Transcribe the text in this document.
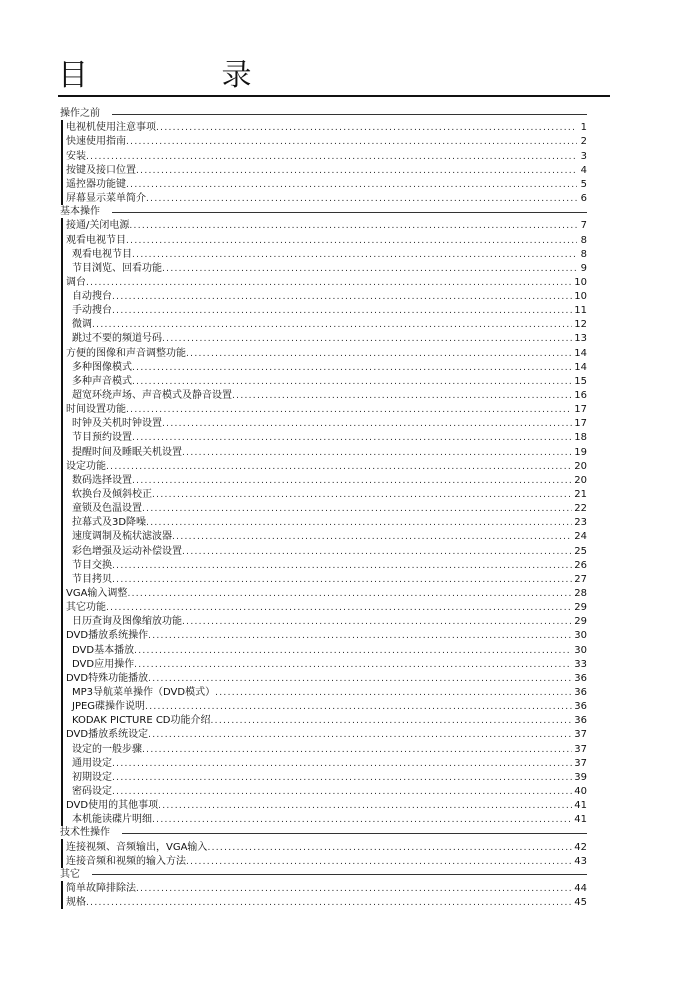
目 录
操作之前
电视机使用注意事项 .....	1
快速使用指南 .....	2
安装 .....	3
按键及接口位置 .....	4
遥控器功能键 .....	5
屏幕显示菜单简介 .....	6
基本操作
接通/关闭电源 .....	7
观看电视节目 .....	8
观看电视节目 .....	8
节目浏览、回看功能 .....	9
调台 .....	10
自动搜台 .....	10
手动搜台 .....	11
微调 .....	12
跳过不要的频道号码 .....	13
方便的图像和声音调整功能 .....	14
多种图像模式 .....	14
多种声音模式 .....	15
超宽环绕声场、声音模式及静音设置 .....	16
时间设置功能 .....	17
时钟及关机时钟设置 .....	17
节目预约设置 .....	18
提醒时间及睡眠关机设置 .....	19
设定功能 .....	20
数码选择设置 .....	20
软换台及倾斜校正 .....	21
童锁及色温设置 .....	22
拉幕式及3D降噪 .....	23
速度调制及梳状滤波器 .....	24
彩色增强及运动补偿设置 .....	25
节目交换 .....	26
节目拷贝 .....	27
VGA输入调整 .....	28
其它功能 .....	29
日历查询及图像缩放功能 .....	29
DVD播放系统操作 .....	30
DVD基本播放 .....	30
DVD应用操作 .....	33
DVD特殊功能播放 .....	36
MP3导航菜单操作（DVD模式） .....	36
JPEG碟操作说明 .....	36
KODAK PICTURE CD功能介绍 .....	36
DVD播放系统设定 .....	37
设定的一般步骤 .....	37
通用设定 .....	37
初期设定 .....	39
密码设定 .....	40
DVD使用的其他事项 .....	41
本机能读碟片明细 .....	41
技术性操作
连接视频、音频输出，VGA输入 .....	42
连接音频和视频的输入方法 .....	43
其它
简单故障排除法 .....	44
规格 .....	45
